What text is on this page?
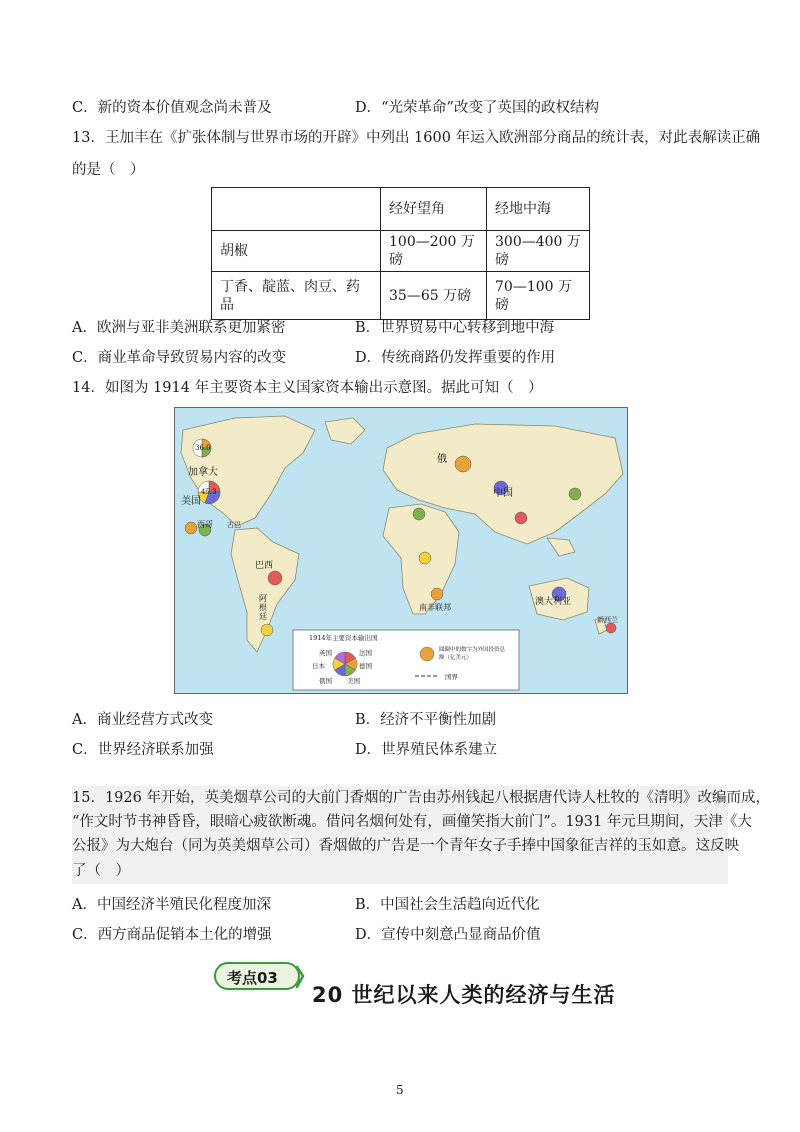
C．新的资本价值观念尚未普及	D．“光荣革命”改变了英国的政权结构
13．王加丰在《扩张体制与世界市场的开辟》中列出 1600 年运入欧洲部分商品的统计表，对此表解读正确
的是（　）
	经好望角	经地中海
胡椒	100—200 万磅	300—400 万磅
丁香、靛蓝、肉豆、药品	35—65 万磅	70—100 万磅
A．欧洲与亚非美洲联系更加紧密	B．世界贸易中心转移到地中海
C．商业革命导致贸易内容的改变	D．传统商路仍发挥重要的作用
14．如图为 1914 年主要资本主义国家资本输出示意图。据此可知（　）
加拿大
36.0
美国
45.3
西哥 古巴
巴西
阿根廷
俄
中国
南非联邦
澳大利亚
新西兰
1914年主要资本输出国
英国	法国
日本	德国
俄国 美国
圆圈中的数字为外国投资总额（亿美元）
国界
A．商业经营方式改变	B．经济不平衡性加剧
C．世界经济联系加强	D．世界殖民体系建立
15．1926 年开始，英美烟草公司的大前门香烟的广告由苏州钱起八根据唐代诗人杜牧的《清明》改编而成，
“作文时节书神昏昏，眼暗心疲欲断魂。借问名烟何处有，画僮笑指大前门”。1931 年元旦期间，天津《大
公报》为大炮台（同为英美烟草公司）香烟做的广告是一个青年女子手捧中国象征吉祥的玉如意。这反映
了（　）
A．中国经济半殖民化程度加深	B．中国社会生活趋向近代化
C．西方商品促销本土化的增强	D．宣传中刻意凸显商品价值
考点03
20 世纪以来人类的经济与生活
5
